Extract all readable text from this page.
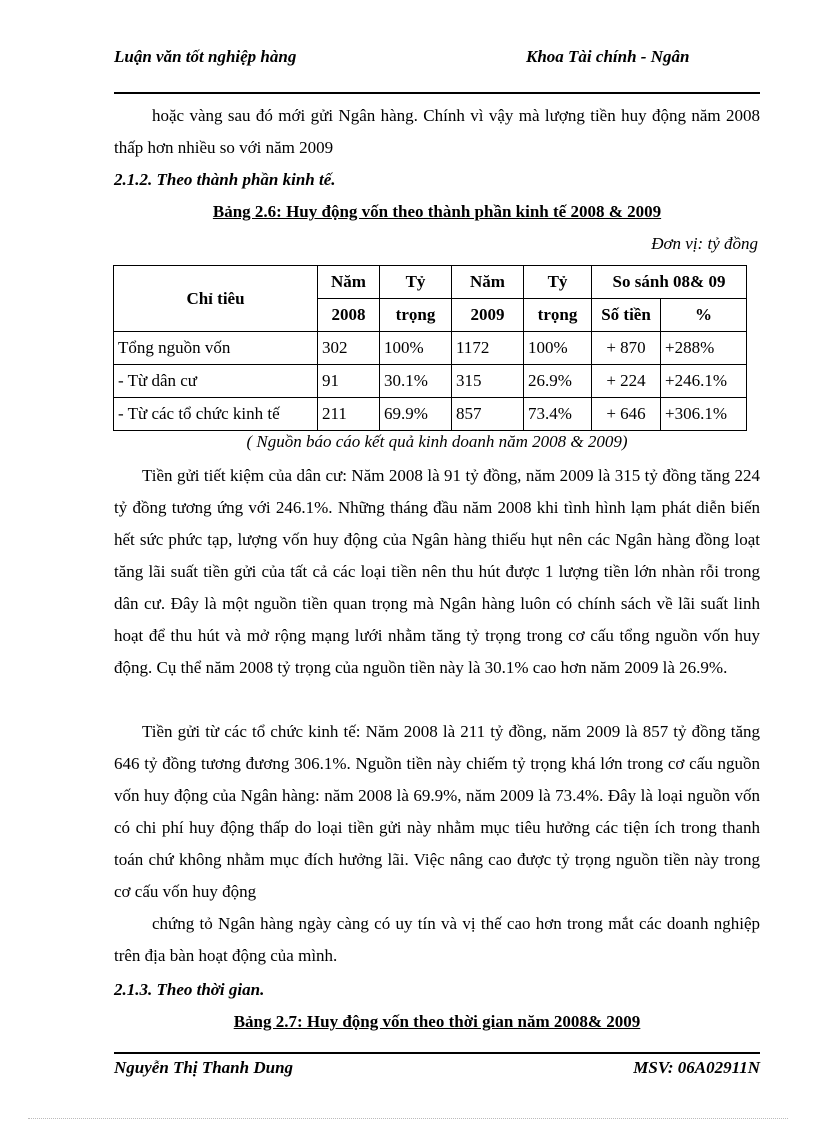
Luận văn tốt nghiệp hàng	Khoa Tài chính - Ngân

hoặc vàng sau đó mới gửi Ngân hàng. Chính vì vậy mà lượng tiền huy động năm 2008 thấp hơn nhiều so với năm 2009

2.1.2. Theo thành phần kinh tế.
Bảng 2.6: Huy động vốn theo thành phần kinh tế 2008 & 2009
Đơn vị: tỷ đồng
Chỉ tiêu	Năm	Tỷ	Năm	Tỷ	So sánh 08& 09	
	2008	trọng	2009	trọng	Số tiền	%
Tổng nguồn vốn	302	100%	1172	100%	+ 870	+288%
- Từ dân cư	91	30.1%	315	26.9%	+ 224	+246.1%
- Từ các tổ chức kinh tế	211	69.9%	857	73.4%	+ 646	+306.1%
( Nguồn báo cáo kết quả kinh doanh năm 2008 & 2009)

Tiền gửi tiết kiệm của dân cư: Năm 2008 là 91 tỷ đồng, năm 2009 là 315 tỷ đồng tăng 224 tỷ đồng tương ứng với 246.1%. Những tháng đầu năm 2008 khi tình hình lạm phát diễn biến hết sức phức tạp, lượng vốn huy động của Ngân hàng thiếu hụt nên các Ngân hàng đồng loạt tăng lãi suất tiền gửi của tất cả các loại tiền nên thu hút được 1 lượng tiền lớn nhàn rỗi trong dân cư. Đây là một nguồn tiền quan trọng mà Ngân hàng luôn có chính sách về lãi suất linh hoạt để thu hút và mở rộng mạng lưới nhằm tăng tỷ trọng trong cơ cấu tổng nguồn vốn huy động. Cụ thể năm 2008 tỷ trọng của nguồn tiền này là 30.1% cao hơn năm 2009 là 26.9%.

Tiền gửi từ các tổ chức kinh tế: Năm 2008 là 211 tỷ đồng, năm 2009 là 857 tỷ đồng tăng 646 tỷ đồng tương đương 306.1%. Nguồn tiền này chiếm tỷ trọng khá lớn trong cơ cấu nguồn vốn huy động của Ngân hàng: năm 2008 là 69.9%, năm 2009 là 73.4%. Đây là loại nguồn vốn có chi phí huy động thấp do loại tiền gửi này nhằm mục tiêu hưởng các tiện ích trong thanh toán chứ không nhằm mục đích hưởng lãi. Việc nâng cao được tỷ trọng nguồn tiền này trong cơ cấu vốn huy động

chứng tỏ Ngân hàng ngày càng có uy tín và vị thế cao hơn trong mắt các doanh nghiệp trên địa bàn hoạt động của mình.

2.1.3. Theo thời gian.
Bảng 2.7: Huy động vốn theo thời gian năm 2008& 2009
Nguyễn Thị Thanh Dung	MSV: 06A02911N
